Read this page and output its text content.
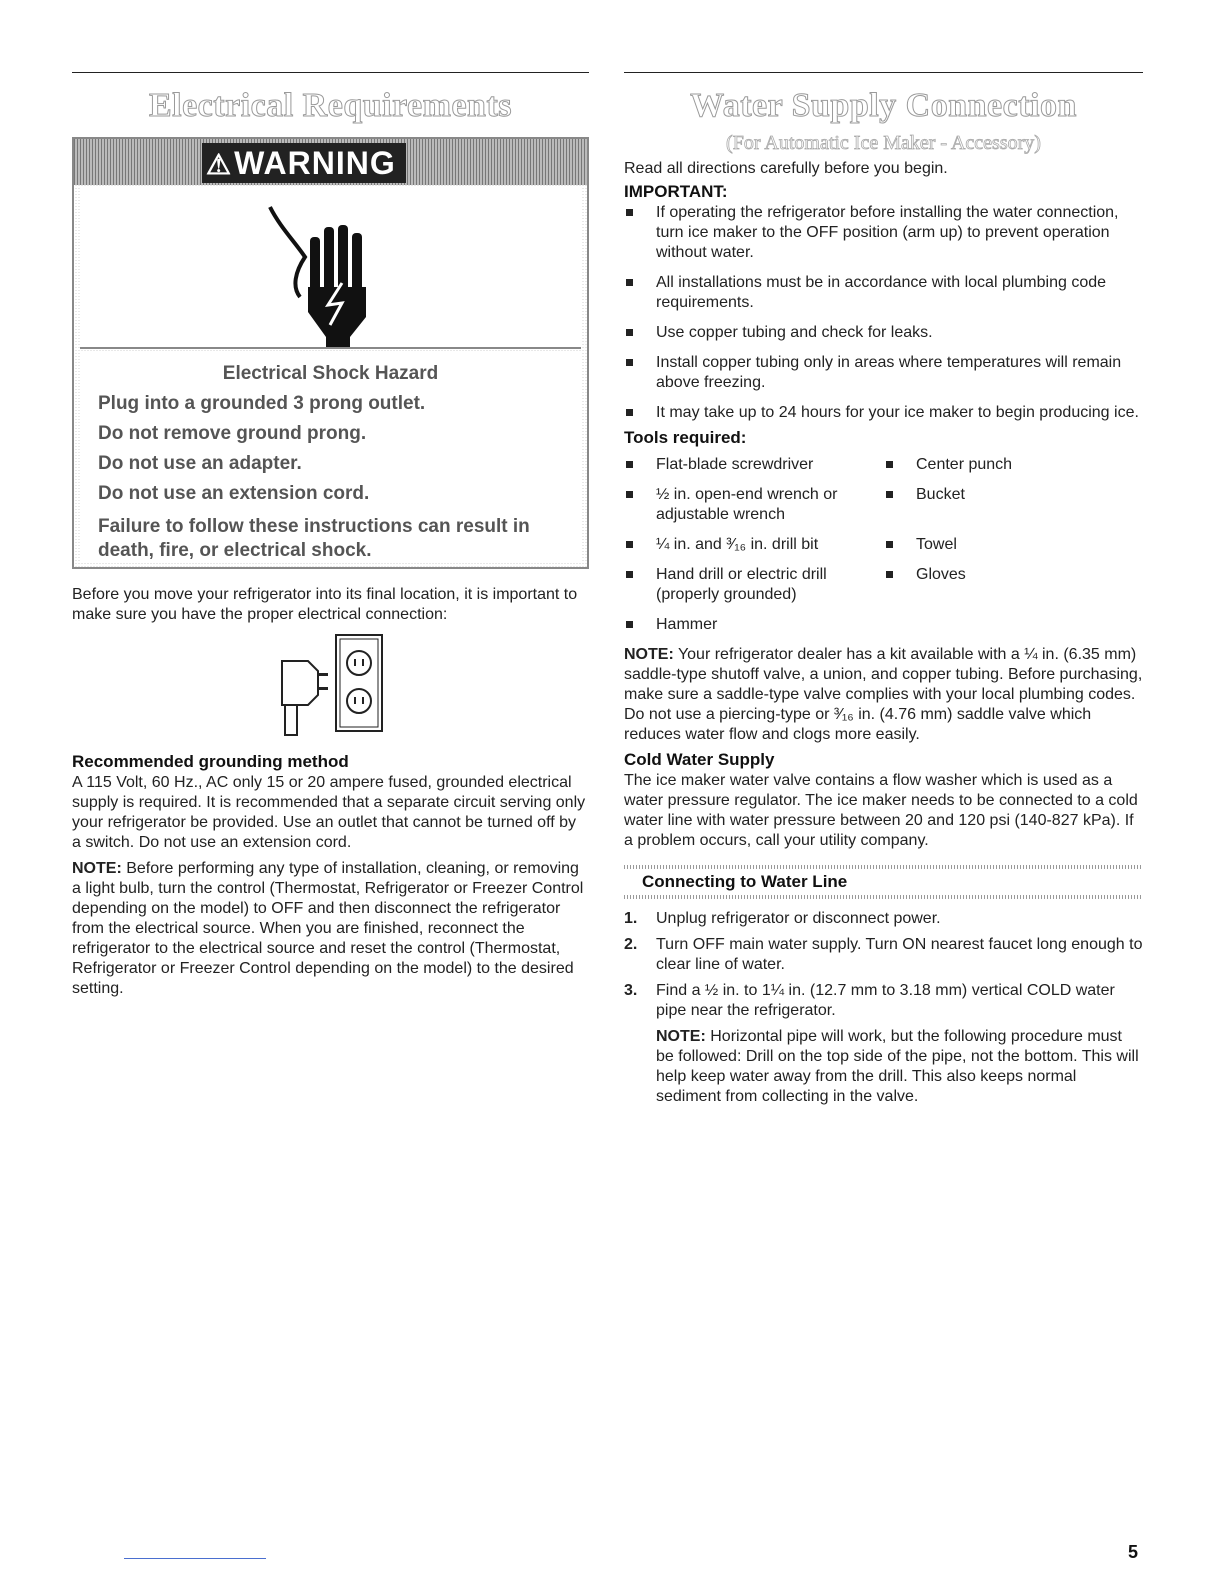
Electrical Requirements
⚠WARNING

Electrical Shock Hazard

Plug into a grounded 3 prong outlet.

Do not remove ground prong.

Do not use an adapter.

Do not use an extension cord.

Failure to follow these instructions can result in death, fire, or electrical shock.

Before you move your refrigerator into its final location, it is important to make sure you have the proper electrical connection:

Recommended grounding method

A 115 Volt, 60 Hz., AC only 15 or 20 ampere fused, grounded electrical supply is required. It is recommended that a separate circuit serving only your refrigerator be provided. Use an outlet that cannot be turned off by a switch. Do not use an extension cord.

NOTE: Before performing any type of installation, cleaning, or removing a light bulb, turn the control (Thermostat, Refrigerator or Freezer Control depending on the model) to OFF and then disconnect the refrigerator from the electrical source. When you are finished, reconnect the refrigerator to the electrical source and reset the control (Thermostat, Refrigerator or Freezer Control depending on the model) to the desired setting.

Water Supply Connection

(For Automatic Ice Maker - Accessory)

Read all directions carefully before you begin.

IMPORTANT:

If operating the refrigerator before installing the water connection, turn ice maker to the OFF position (arm up) to prevent operation without water.
All installations must be in accordance with local plumbing code requirements.
Use copper tubing and check for leaks.
Install copper tubing only in areas where temperatures will remain above freezing.
It may take up to 24 hours for your ice maker to begin producing ice.

Tools required:

Flat-blade screwdriver
½ in. open-end wrench or adjustable wrench
¼ in. and ³⁄₁₆ in. drill bit
Hand drill or electric drill (properly grounded)
Hammer
Center punch
Bucket
Towel
Gloves

NOTE: Your refrigerator dealer has a kit available with a ¼ in. (6.35 mm) saddle-type shutoff valve, a union, and copper tubing. Before purchasing, make sure a saddle-type valve complies with your local plumbing codes. Do not use a piercing-type or ³⁄₁₆ in. (4.76 mm) saddle valve which reduces water flow and clogs more easily.

Cold Water Supply

The ice maker water valve contains a flow washer which is used as a water pressure regulator. The ice maker needs to be connected to a cold water line with water pressure between 20 and 120 psi (140-827 kPa). If a problem occurs, call your utility company.

Connecting to Water Line

1. Unplug refrigerator or disconnect power.
2. Turn OFF main water supply. Turn ON nearest faucet long enough to clear line of water.
3. Find a ½ in. to 1¼ in. (12.7 mm to 3.18 mm) vertical COLD water pipe near the refrigerator.

NOTE: Horizontal pipe will work, but the following procedure must be followed: Drill on the top side of the pipe, not the bottom. This will help keep water away from the drill. This also keeps normal sediment from collecting in the valve.

5
